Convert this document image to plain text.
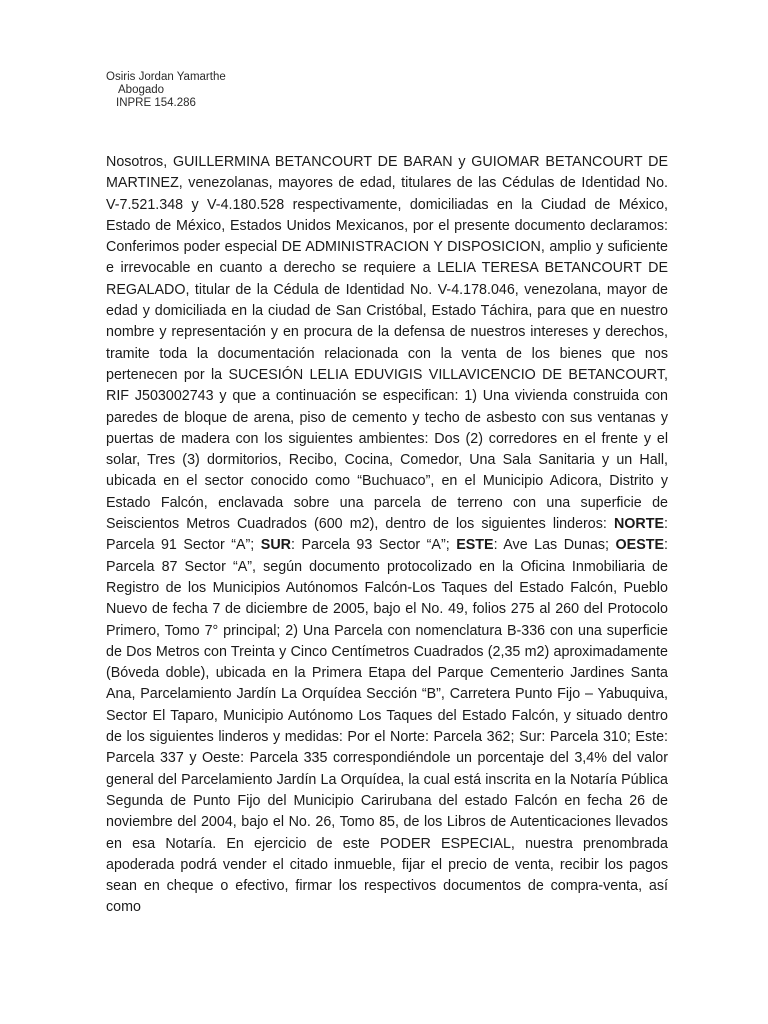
Osiris Jordan Yamarthe
Abogado
INPRE 154.286

Nosotros, GUILLERMINA BETANCOURT DE BARAN y GUIOMAR BETANCOURT DE MARTINEZ, venezolanas, mayores de edad, titulares de las Cédulas de Identidad No. V-7.521.348 y V-4.180.528 respectivamente, domiciliadas en la Ciudad de México, Estado de México, Estados Unidos Mexicanos, por el presente documento declaramos: Conferimos poder especial DE ADMINISTRACION Y DISPOSICION, amplio y suficiente e irrevocable en cuanto a derecho se requiere a LELIA TERESA BETANCOURT DE REGALADO, titular de la Cédula de Identidad No. V-4.178.046, venezolana, mayor de edad y domiciliada en la ciudad de San Cristóbal, Estado Táchira, para que en nuestro nombre y representación y en procura de la defensa de nuestros intereses y derechos, tramite toda la documentación relacionada con la venta de los bienes que nos pertenecen por la SUCESIÓN LELIA EDUVIGIS VILLAVICENCIO DE BETANCOURT, RIF J503002743 y que a continuación se especifican: 1) Una vivienda construida con paredes de bloque de arena, piso de cemento y techo de asbesto con sus ventanas y puertas de madera con los siguientes ambientes: Dos (2) corredores en el frente y el solar, Tres (3) dormitorios, Recibo, Cocina, Comedor, Una Sala Sanitaria y un Hall, ubicada en el sector conocido como “Buchuaco”, en el Municipio Adicora, Distrito y Estado Falcón, enclavada sobre una parcela de terreno con una superficie de Seiscientos Metros Cuadrados (600 m2), dentro de los siguientes linderos: NORTE: Parcela 91 Sector “A”; SUR: Parcela 93 Sector “A”; ESTE: Ave Las Dunas; OESTE: Parcela 87 Sector “A”, según documento protocolizado en la Oficina Inmobiliaria de Registro de los Municipios Autónomos Falcón-Los Taques del Estado Falcón, Pueblo Nuevo de fecha 7 de diciembre de 2005, bajo el No. 49, folios 275 al 260 del Protocolo Primero, Tomo 7° principal; 2) Una Parcela con nomenclatura B-336 con una superficie de Dos Metros con Treinta y Cinco Centímetros Cuadrados (2,35 m2) aproximadamente (Bóveda doble), ubicada en la Primera Etapa del Parque Cementerio Jardines Santa Ana, Parcelamiento Jardín La Orquídea Sección “B”, Carretera Punto Fijo – Yabuquiva, Sector El Taparo, Municipio Autónomo Los Taques del Estado Falcón, y situado dentro de los siguientes linderos y medidas: Por el Norte: Parcela 362; Sur: Parcela 310; Este: Parcela 337 y Oeste: Parcela 335 correspondiéndole un porcentaje del 3,4% del valor general del Parcelamiento Jardín La Orquídea, la cual está inscrita en la Notaría Pública Segunda de Punto Fijo del Municipio Carirubana del estado Falcón en fecha 26 de noviembre del 2004, bajo el No. 26, Tomo 85, de los Libros de Autenticaciones llevados en esa Notaría. En ejercicio de este PODER ESPECIAL, nuestra prenombrada apoderada podrá vender el citado inmueble, fijar el precio de venta, recibir los pagos sean en cheque o efectivo, firmar los respectivos documentos de compra-venta, así como
